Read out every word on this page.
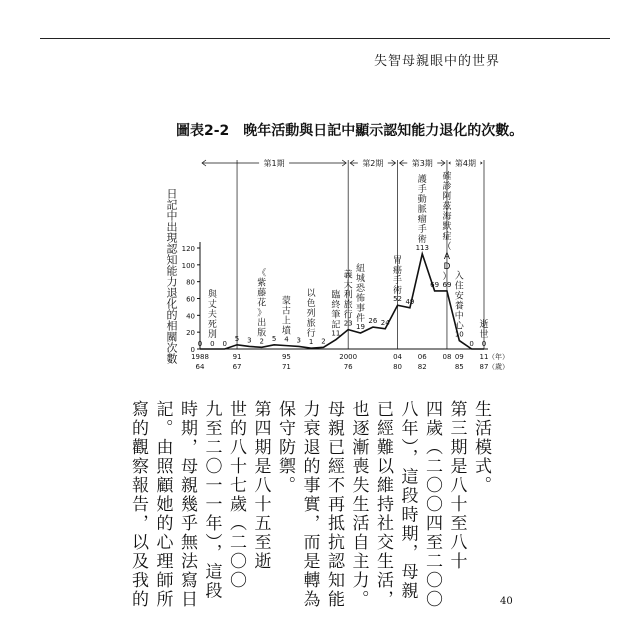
失智母親眼中的世界
圖表2-2　晚年活動與日記中顯示認知能力退化的次數。
日記中出現認知能力退化的相關次數 0
20
40
60
80
100
120
第1期	第2期	第3期	第4期
0 0 0
5 3 2 5 4 3 1 2
11
23 19
26 24
52 49
113
69 69
10
0 0
1988
64
91
67
95
71
2000
76
04
80
06
82
09
85
11
87
08	（年）
（歲）
與丈夫死別
《紫藤花》出版
蒙古上墳
以色列旅行
臨終筆記
義大利旅行
紐城恐怖事件
胃癌手術
護手動脈瘤手術
確診阿茲海默症（ A D ） 入住安養中心 逝世
生活模式。
第三期是八十至八十
四歲（二〇〇四至二〇〇
八年），這段時期，母親
已經難以維持社交生活，
也逐漸喪失生活自主力。
母親已經不再抵抗認知能
力衰退的事實，而是轉為
保守防禦。
第四期是八十五至逝
世的八十七歲（二〇〇
九至二〇一一年），這段
時期，母親幾乎無法寫日
記。由照顧她的心理師所
寫的觀察報告，以及我的	40
